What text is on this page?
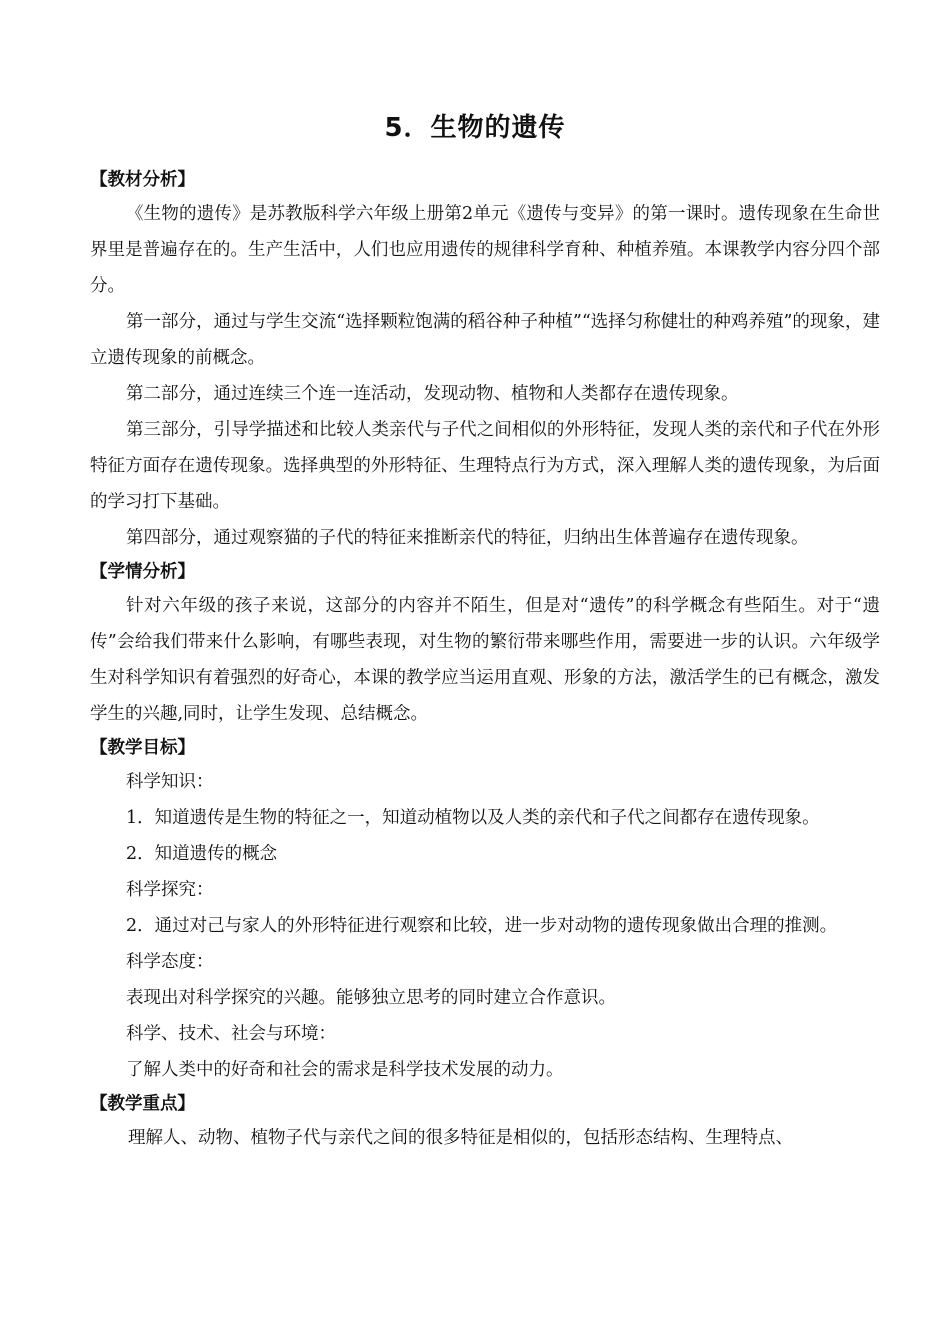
5．生物的遗传
【教材分析】

《生物的遗传》是苏教版科学六年级上册第2单元《遗传与变异》的第一课时。遗传现象在生命世界里是普遍存在的。生产生活中，人们也应用遗传的规律科学育种、种植养殖。本课教学内容分四个部分。

第一部分，通过与学生交流“选择颗粒饱满的稻谷种子种植”“选择匀称健壮的种鸡养殖”的现象，建立遗传现象的前概念。

第二部分，通过连续三个连一连活动，发现动物、植物和人类都存在遗传现象。

第三部分，引导学描述和比较人类亲代与子代之间相似的外形特征，发现人类的亲代和子代在外形特征方面存在遗传现象。选择典型的外形特征、生理特点行为方式，深入理解人类的遗传现象，为后面的学习打下基础。

第四部分，通过观察猫的子代的特征来推断亲代的特征，归纳出生体普遍存在遗传现象。

【学情分析】

针对六年级的孩子来说，这部分的内容并不陌生，但是对“遗传”的科学概念有些陌生。对于“遗传”会给我们带来什么影响，有哪些表现，对生物的繁衍带来哪些作用，需要进一步的认识。六年级学生对科学知识有着强烈的好奇心，本课的教学应当运用直观、形象的方法，激活学生的已有概念，激发学生的兴趣,同时，让学生发现、总结概念。

【教学目标】

科学知识：

1．知道遗传是生物的特征之一，知道动植物以及人类的亲代和子代之间都存在遗传现象。

2．知道遗传的概念

科学探究：

2．通过对己与家人的外形特征进行观察和比较，进一步对动物的遗传现象做出合理的推测。

科学态度：

表现出对科学探究的兴趣。能够独立思考的同时建立合作意识。

科学、技术、社会与环境：

了解人类中的好奇和社会的需求是科学技术发展的动力。

【教学重点】

理解人、动物、植物子代与亲代之间的很多特征是相似的，包括形态结构、生理特点、
